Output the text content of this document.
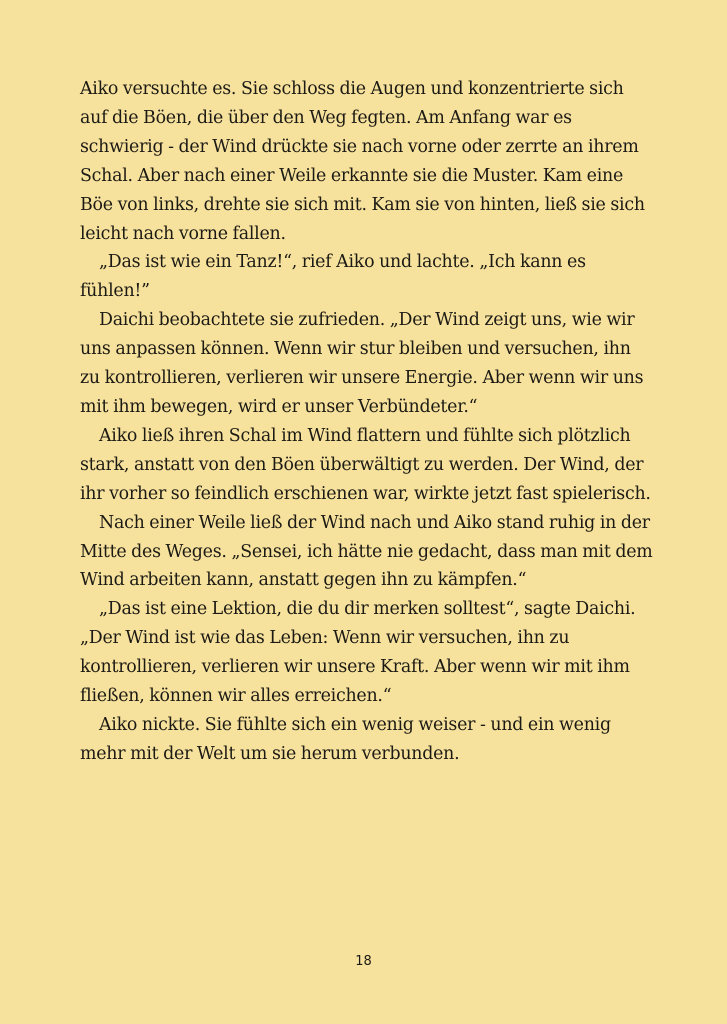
Aiko versuchte es. Sie schloss die Augen und konzentrierte sich auf die Böen, die über den Weg fegten. Am Anfang war es schwierig - der Wind drückte sie nach vorne oder zerrte an ihrem Schal. Aber nach einer Weile erkannte sie die Muster. Kam eine Böe von links, drehte sie sich mit. Kam sie von hinten, ließ sie sich leicht nach vorne fallen.

„Das ist wie ein Tanz!“, rief Aiko und lachte. „Ich kann es fühlen!”

Daichi beobachtete sie zufrieden. „Der Wind zeigt uns, wie wir uns anpassen können. Wenn wir stur bleiben und versuchen, ihn zu kontrollieren, verlieren wir unsere Energie. Aber wenn wir uns mit ihm bewegen, wird er unser Verbündeter.“

Aiko ließ ihren Schal im Wind flattern und fühlte sich plötzlich stark, anstatt von den Böen überwältigt zu werden. Der Wind, der ihr vorher so feindlich erschienen war, wirkte jetzt fast spielerisch.

Nach einer Weile ließ der Wind nach und Aiko stand ruhig in der Mitte des Weges. „Sensei, ich hätte nie gedacht, dass man mit dem Wind arbeiten kann, anstatt gegen ihn zu kämpfen.“

„Das ist eine Lektion, die du dir merken solltest“, sagte Daichi. „Der Wind ist wie das Leben: Wenn wir versuchen, ihn zu kontrollieren, verlieren wir unsere Kraft. Aber wenn wir mit ihm fließen, können wir alles erreichen.“

Aiko nickte. Sie fühlte sich ein wenig weiser - und ein wenig mehr mit der Welt um sie herum verbunden.

18
